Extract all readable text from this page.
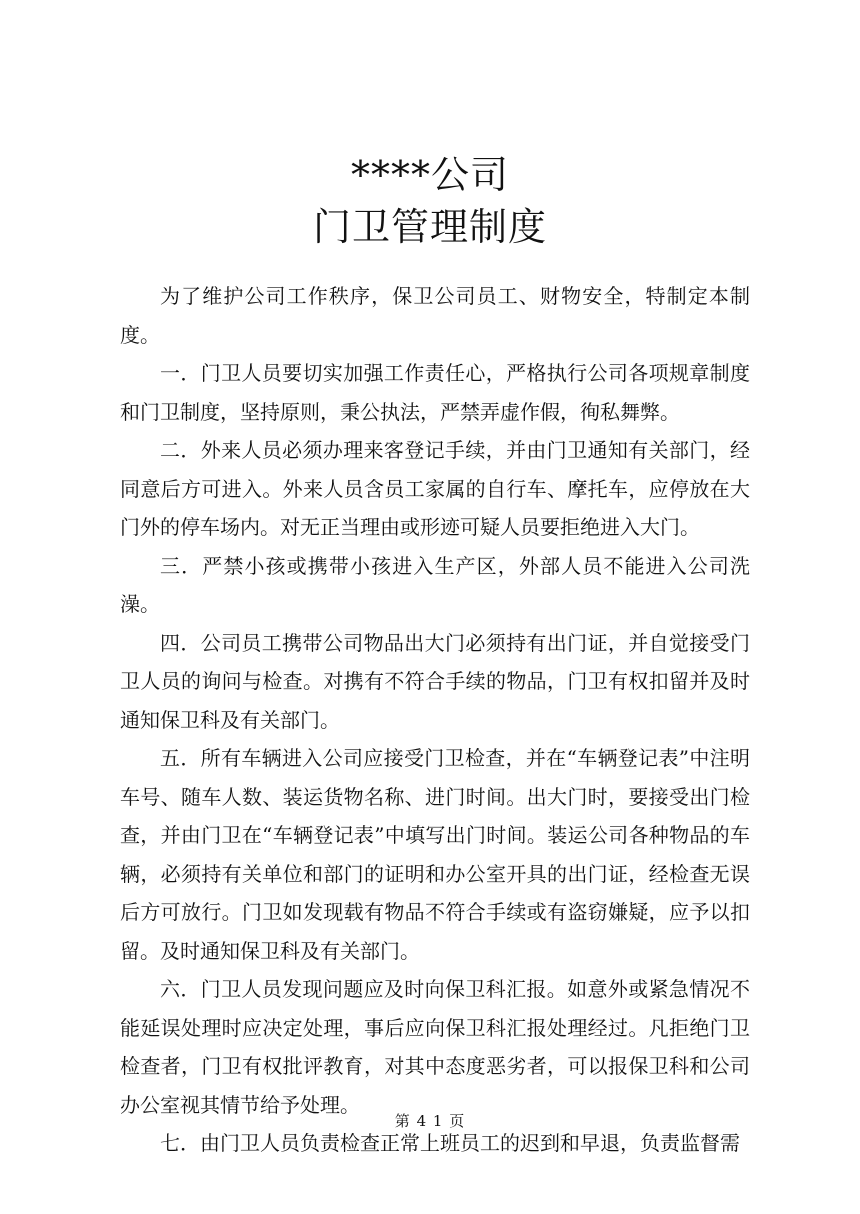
****公司
门卫管理制度

为了维护公司工作秩序，保卫公司员工、财物安全，特制定本制度。

一．门卫人员要切实加强工作责任心，严格执行公司各项规章制度和门卫制度，坚持原则，秉公执法，严禁弄虚作假，徇私舞弊。

二．外来人员必须办理来客登记手续，并由门卫通知有关部门，经同意后方可进入。外来人员含员工家属的自行车、摩托车，应停放在大门外的停车场内。对无正当理由或形迹可疑人员要拒绝进入大门。

三．严禁小孩或携带小孩进入生产区，外部人员不能进入公司洗澡。

四．公司员工携带公司物品出大门必须持有出门证，并自觉接受门卫人员的询问与检查。对携有不符合手续的物品，门卫有权扣留并及时通知保卫科及有关部门。

五．所有车辆进入公司应接受门卫检查，并在“车辆登记表”中注明车号、随车人数、装运货物名称、进门时间。出大门时，要接受出门检查，并由门卫在“车辆登记表”中填写出门时间。装运公司各种物品的车辆，必须持有关单位和部门的证明和办公室开具的出门证，经检查无误后方可放行。门卫如发现载有物品不符合手续或有盗窃嫌疑，应予以扣留。及时通知保卫科及有关部门。

六．门卫人员发现问题应及时向保卫科汇报。如意外或紧急情况不能延误处理时应决定处理，事后应向保卫科汇报处理经过。凡拒绝门卫检查者，门卫有权批评教育，对其中态度恶劣者，可以报保卫科和公司办公室视其情节给予处理。

七．由门卫人员负责检查正常上班员工的迟到和早退，负责监督需

第 4 1 页
